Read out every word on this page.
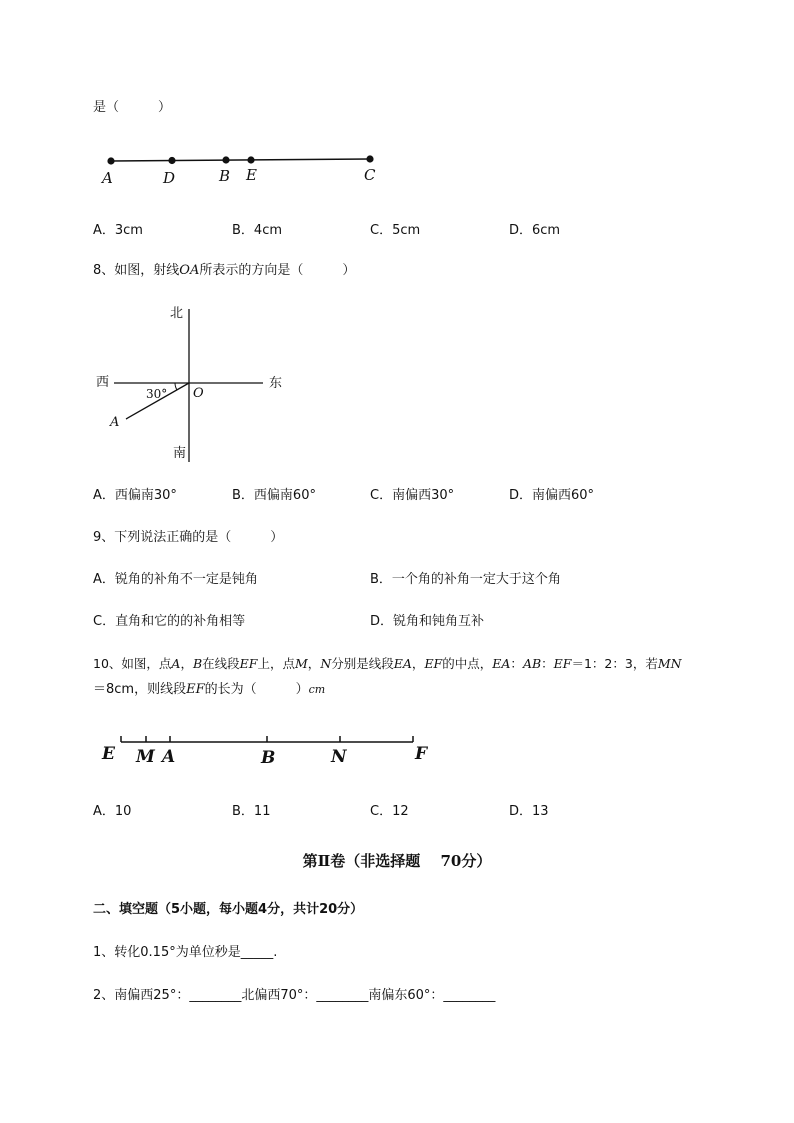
是（　　　）
A	D	B E	C
A．3cm	B．4cm	C．5cm	D．6cm
8、如图，射线OA所表示的方向是（　　　）
北
南
西	东
O
A
30°
A．西偏南30°	B．西偏南60°	C．南偏西30°	D．南偏西60°
9、下列说法正确的是（　　　）
A．锐角的补角不一定是钝角	B．一个角的补角一定大于这个角
C．直角和它的的补角相等	D．锐角和钝角互补
10、如图，点A，B在线段EF上，点M，N分别是线段EA，EF的中点，EA：AB：EF＝1：2：3，若MN
＝8cm，则线段EF的长为（　　　）cm
E M A	B	N	F
A．10	B．11	C．12	D．13
第Ⅱ卷（非选择题　 70分）
二、填空题（5小题，每小题4分，共计20分）
1、转化0.15°为单位秒是_____.
2、南偏西25°：________北偏西70°：________南偏东60°：________
